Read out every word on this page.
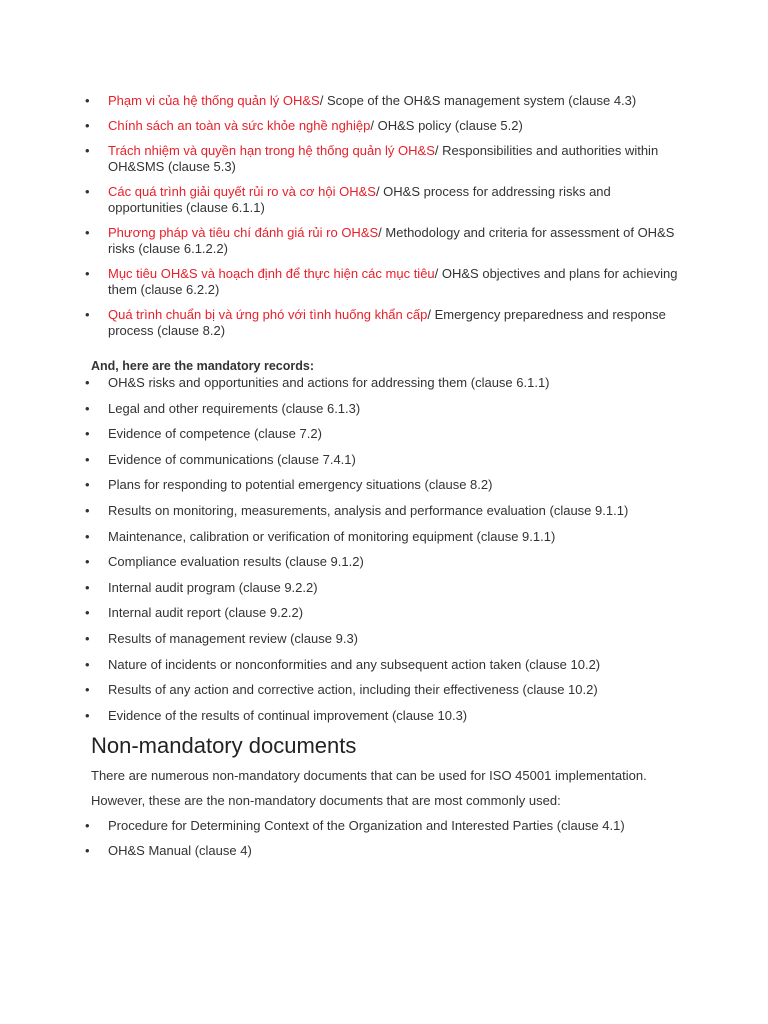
• Phạm vi của hệ thống quản lý OH&S/ Scope of the OH&S management system (clause 4.3)
• Chính sách an toàn và sức khỏe nghề nghiệp/ OH&S policy (clause 5.2)
• Trách nhiệm và quyền hạn trong hệ thống quản lý OH&S/ Responsibilities and authorities within OH&SMS (clause 5.3)
• Các quá trình giải quyết rủi ro và cơ hội OH&S/ OH&S process for addressing risks and opportunities (clause 6.1.1)
• Phương pháp và tiêu chí đánh giá rủi ro OH&S/ Methodology and criteria for assessment of OH&S risks (clause 6.1.2.2)
• Mục tiêu OH&S và hoạch định để thực hiện các mục tiêu/ OH&S objectives and plans for achieving them (clause 6.2.2)
• Quá trình chuẩn bị và ứng phó với tình huống khẩn cấp/ Emergency preparedness and response process (clause 8.2)

And, here are the mandatory records:

• OH&S risks and opportunities and actions for addressing them (clause 6.1.1)
• Legal and other requirements (clause 6.1.3)
• Evidence of competence (clause 7.2)
• Evidence of communications (clause 7.4.1)
• Plans for responding to potential emergency situations (clause 8.2)
• Results on monitoring, measurements, analysis and performance evaluation (clause 9.1.1)
• Maintenance, calibration or verification of monitoring equipment (clause 9.1.1)
• Compliance evaluation results (clause 9.1.2)
• Internal audit program (clause 9.2.2)
• Internal audit report (clause 9.2.2)
• Results of management review (clause 9.3)
• Nature of incidents or nonconformities and any subsequent action taken (clause 10.2)
• Results of any action and corrective action, including their effectiveness (clause 10.2)
• Evidence of the results of continual improvement (clause 10.3)
Non-mandatory documents

There are numerous non-mandatory documents that can be used for ISO 45001 implementation.

However, these are the non-mandatory documents that are most commonly used:

• Procedure for Determining Context of the Organization and Interested Parties (clause 4.1)
• OH&S Manual (clause 4)
